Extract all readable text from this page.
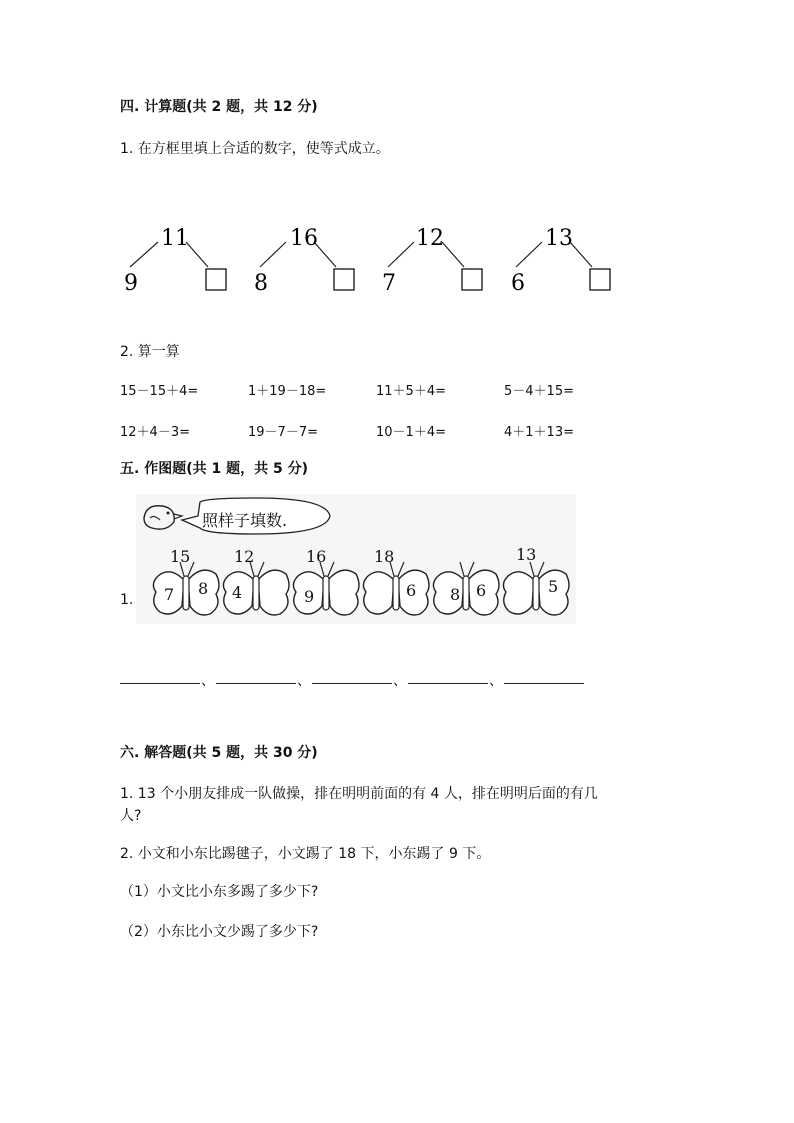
四. 计算题(共 2 题，共 12 分)
1. 在方框里填上合适的数字，使等式成立。
11
9
16
8
12
7
13
6
2. 算一算
15－15＋4=	1＋19－18=	11＋5＋4=	5－4＋15=
12＋4－3=	19－7－7=	10－1＋4=	4＋1＋13=
五. 作图题(共 1 题，共 5 分)
照样子填数.
15
7 8
12
4
16
9
18
6 8 6
13
5
1.
、	、	、	、
六. 解答题(共 5 题，共 30 分)
1. 13 个小朋友排成一队做操，排在明明前面的有 4 人，排在明明后面的有几
人?
2. 小文和小东比踢毽子，小文踢了 18 下，小东踢了 9 下。
（1）小文比小东多踢了多少下?
（2）小东比小文少踢了多少下?
